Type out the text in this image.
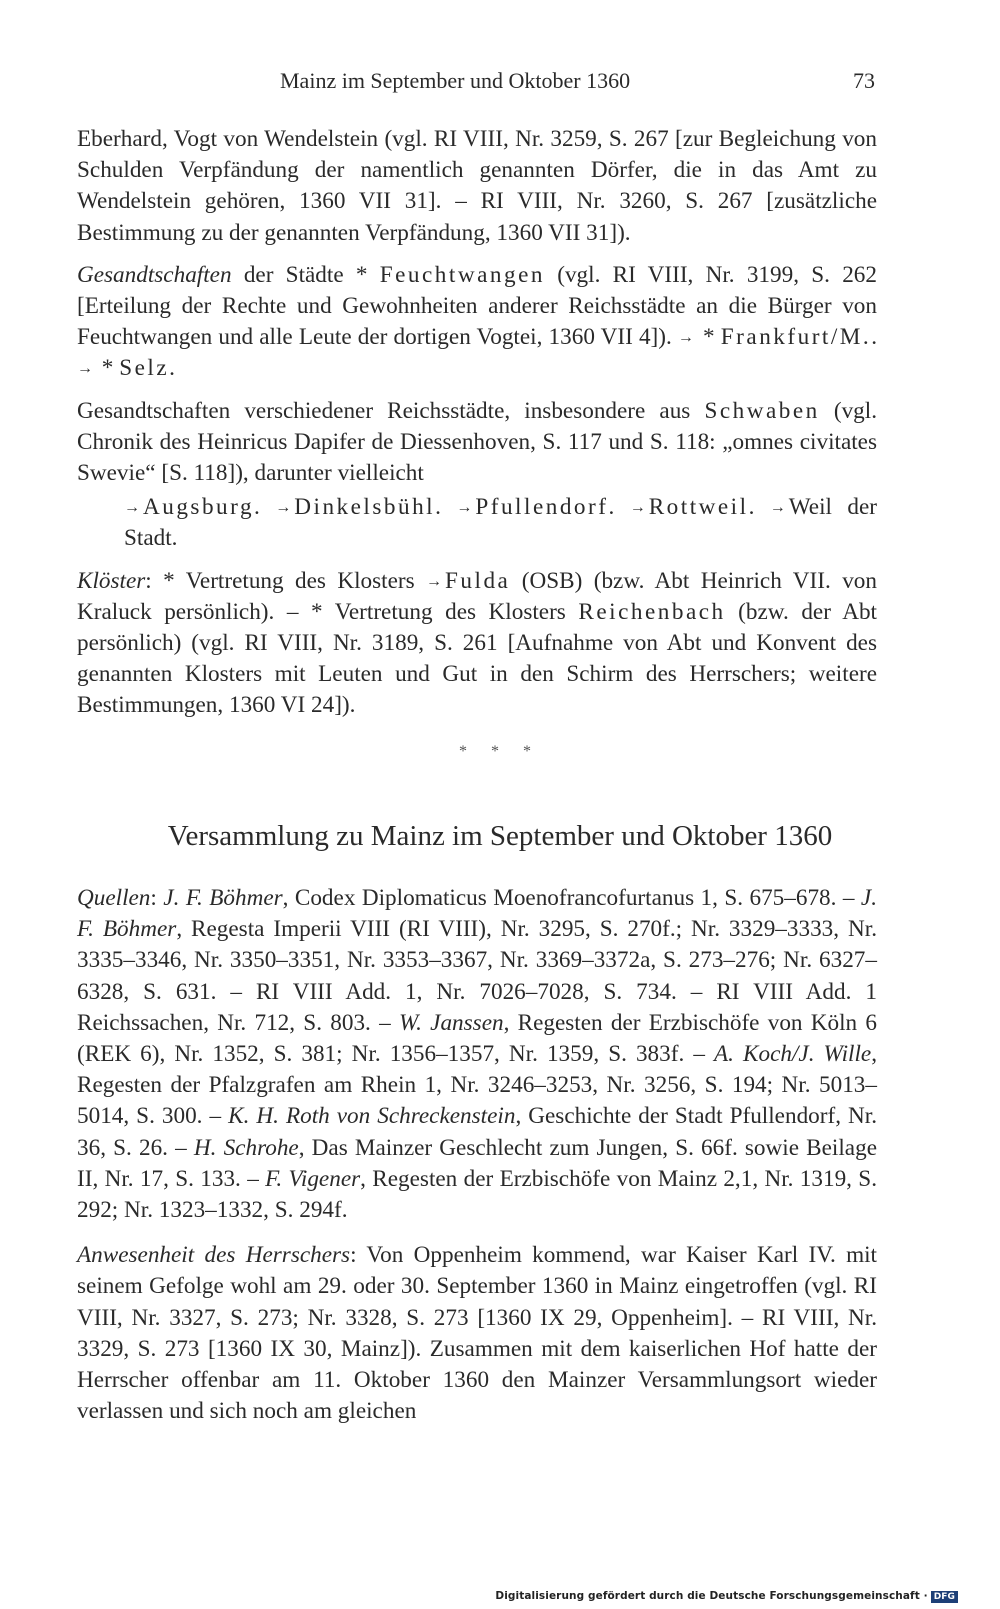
Mainz im September und Oktober 1360	73

Eberhard, Vogt von Wendelstein (vgl. RI VIII, Nr. 3259, S. 267 [zur Begleichung von Schulden Verpfändung der namentlich genannten Dörfer, die in das Amt zu Wendelstein gehören, 1360 VII 31]. – RI VIII, Nr. 3260, S. 267 [zusätzliche Bestimmung zu der genannten Verpfändung, 1360 VII 31]).

Gesandtschaften der Städte * Feuchtwangen (vgl. RI VIII, Nr. 3199, S. 262 [Erteilung der Rechte und Gewohnheiten anderer Reichsstädte an die Bürger von Feuchtwangen und alle Leute der dortigen Vogtei, 1360 VII 4]). → * Frankfurt/M.. → * Selz.

Gesandtschaften verschiedener Reichsstädte, insbesondere aus Schwaben (vgl. Chronik des Heinricus Dapifer de Diessenhoven, S. 117 und S. 118: „omnes civitates Swevie“ [S. 118]), darunter vielleicht

→ Augsburg. → Dinkelsbühl. → Pfullendorf. → Rottweil. → Weil der Stadt.

Klöster: * Vertretung des Klosters → Fulda (OSB) (bzw. Abt Heinrich VII. von Kraluck persönlich). – * Vertretung des Klosters Reichenbach (bzw. der Abt persönlich) (vgl. RI VIII, Nr. 3189, S. 261 [Aufnahme von Abt und Konvent des genannten Klosters mit Leuten und Gut in den Schirm des Herrschers; weitere Bestimmungen, 1360 VI 24]).

* * *
Versammlung zu Mainz im September und Oktober 1360

Quellen: J. F. Böhmer, Codex Diplomaticus Moenofrancofurtanus 1, S. 675–678. – J. F. Böhmer, Regesta Imperii VIII (RI VIII), Nr. 3295, S. 270f.; Nr. 3329–3333, Nr. 3335–3346, Nr. 3350–3351, Nr. 3353–3367, Nr. 3369–3372a, S. 273–276; Nr. 6327–6328, S. 631. – RI VIII Add. 1, Nr. 7026–7028, S. 734. – RI VIII Add. 1 Reichssachen, Nr. 712, S. 803. – W. Janssen, Regesten der Erzbischöfe von Köln 6 (REK 6), Nr. 1352, S. 381; Nr. 1356–1357, Nr. 1359, S. 383f. – A. Koch/J. Wille, Regesten der Pfalzgrafen am Rhein 1, Nr. 3246–3253, Nr. 3256, S. 194; Nr. 5013–5014, S. 300. – K. H. Roth von Schreckenstein, Geschichte der Stadt Pfullendorf, Nr. 36, S. 26. – H. Schrohe, Das Mainzer Geschlecht zum Jungen, S. 66f. sowie Beilage II, Nr. 17, S. 133. – F. Vigener, Regesten der Erzbischöfe von Mainz 2,1, Nr. 1319, S. 292; Nr. 1323–1332, S. 294f.

Anwesenheit des Herrschers: Von Oppenheim kommend, war Kaiser Karl IV. mit seinem Gefolge wohl am 29. oder 30. September 1360 in Mainz eingetroffen (vgl. RI VIII, Nr. 3327, S. 273; Nr. 3328, S. 273 [1360 IX 29, Oppenheim]. – RI VIII, Nr. 3329, S. 273 [1360 IX 30, Mainz]). Zusammen mit dem kaiserlichen Hof hatte der Herrscher offenbar am 11. Oktober 1360 den Mainzer Versammlungsort wieder verlassen und sich noch am gleichen

Digitalisierung gefördert durch die Deutsche Forschungsgemeinschaft · DFG
